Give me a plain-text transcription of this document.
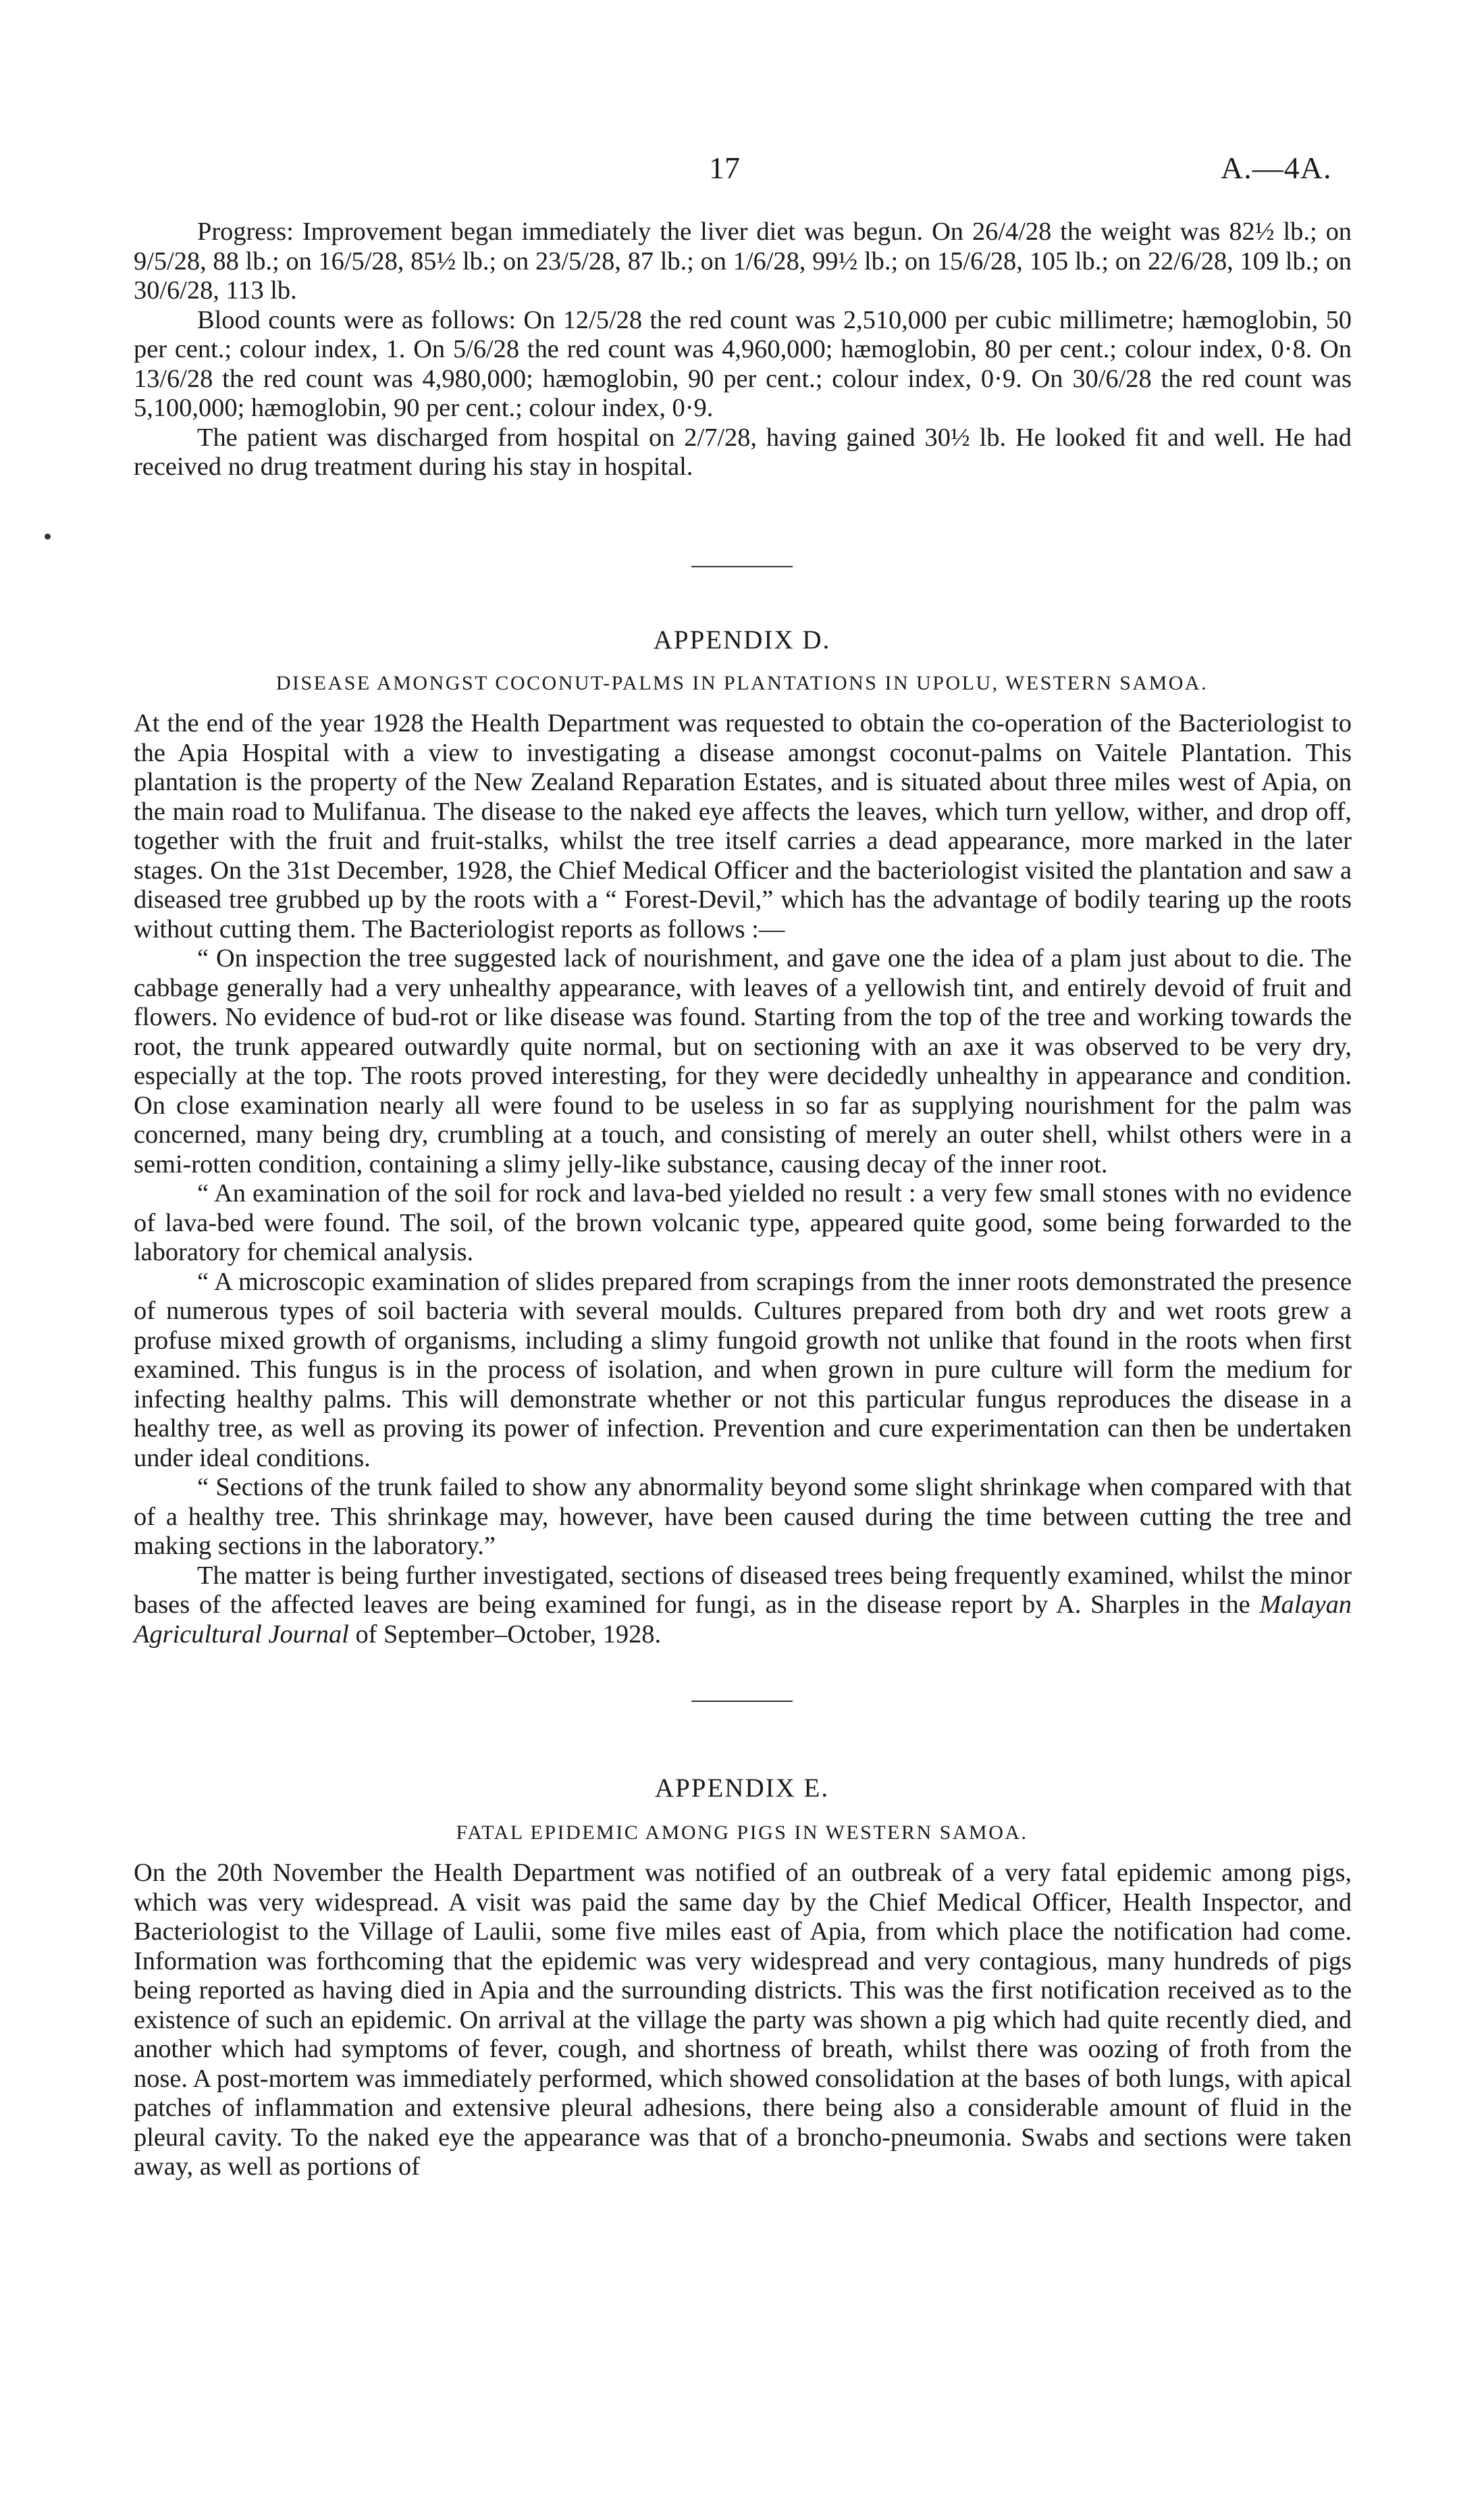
17	A.—4A.

Progress: Improvement began immediately the liver diet was begun. On 26/4/28 the weight was 82½ lb.; on 9/5/28, 88 lb.; on 16/5/28, 85½ lb.; on 23/5/28, 87 lb.; on 1/6/28, 99½ lb.; on 15/6/28, 105 lb.; on 22/6/28, 109 lb.; on 30/6/28, 113 lb.

Blood counts were as follows: On 12/5/28 the red count was 2,510,000 per cubic millimetre; hæmoglobin, 50 per cent.; colour index, 1. On 5/6/28 the red count was 4,960,000; hæmoglobin, 80 per cent.; colour index, 0·8. On 13/6/28 the red count was 4,980,000; hæmoglobin, 90 per cent.; colour index, 0·9. On 30/6/28 the red count was 5,100,000; hæmoglobin, 90 per cent.; colour index, 0·9.

The patient was discharged from hospital on 2/7/28, having gained 30½ lb. He looked fit and well. He had received no drug treatment during his stay in hospital.

APPENDIX D.
DISEASE AMONGST COCONUT-PALMS IN PLANTATIONS IN UPOLU, WESTERN SAMOA.

At the end of the year 1928 the Health Department was requested to obtain the co-operation of the Bacteriologist to the Apia Hospital with a view to investigating a disease amongst coconut-palms on Vaitele Plantation. This plantation is the property of the New Zealand Reparation Estates, and is situated about three miles west of Apia, on the main road to Mulifanua. The disease to the naked eye affects the leaves, which turn yellow, wither, and drop off, together with the fruit and fruit-stalks, whilst the tree itself carries a dead appearance, more marked in the later stages. On the 31st December, 1928, the Chief Medical Officer and the bacteriologist visited the plantation and saw a diseased tree grubbed up by the roots with a “ Forest-Devil,” which has the advantage of bodily tearing up the roots without cutting them. The Bacteriologist reports as follows :—

“ On inspection the tree suggested lack of nourishment, and gave one the idea of a plam just about to die. The cabbage generally had a very unhealthy appearance, with leaves of a yellowish tint, and entirely devoid of fruit and flowers. No evidence of bud-rot or like disease was found. Starting from the top of the tree and working towards the root, the trunk appeared outwardly quite normal, but on sectioning with an axe it was observed to be very dry, especially at the top. The roots proved interesting, for they were decidedly unhealthy in appearance and condition. On close examination nearly all were found to be useless in so far as supplying nourishment for the palm was concerned, many being dry, crumbling at a touch, and consisting of merely an outer shell, whilst others were in a semi-rotten condition, containing a slimy jelly-like substance, causing decay of the inner root.

“ An examination of the soil for rock and lava-bed yielded no result : a very few small stones with no evidence of lava-bed were found. The soil, of the brown volcanic type, appeared quite good, some being forwarded to the laboratory for chemical analysis.

“ A microscopic examination of slides prepared from scrapings from the inner roots demonstrated the presence of numerous types of soil bacteria with several moulds. Cultures prepared from both dry and wet roots grew a profuse mixed growth of organisms, including a slimy fungoid growth not unlike that found in the roots when first examined. This fungus is in the process of isolation, and when grown in pure culture will form the medium for infecting healthy palms. This will demonstrate whether or not this particular fungus reproduces the disease in a healthy tree, as well as proving its power of infection. Prevention and cure experimentation can then be undertaken under ideal conditions.

“ Sections of the trunk failed to show any abnormality beyond some slight shrinkage when compared with that of a healthy tree. This shrinkage may, however, have been caused during the time between cutting the tree and making sections in the laboratory.”

The matter is being further investigated, sections of diseased trees being frequently examined, whilst the minor bases of the affected leaves are being examined for fungi, as in the disease report by A. Sharples in the Malayan Agricultural Journal of September–October, 1928.

APPENDIX E.
FATAL EPIDEMIC AMONG PIGS IN WESTERN SAMOA.

On the 20th November the Health Department was notified of an outbreak of a very fatal epidemic among pigs, which was very widespread. A visit was paid the same day by the Chief Medical Officer, Health Inspector, and Bacteriologist to the Village of Laulii, some five miles east of Apia, from which place the notification had come. Information was forthcoming that the epidemic was very widespread and very contagious, many hundreds of pigs being reported as having died in Apia and the surrounding districts. This was the first notification received as to the existence of such an epidemic. On arrival at the village the party was shown a pig which had quite recently died, and another which had symptoms of fever, cough, and shortness of breath, whilst there was oozing of froth from the nose. A post-mortem was immediately performed, which showed consolidation at the bases of both lungs, with apical patches of inflammation and extensive pleural adhesions, there being also a considerable amount of fluid in the pleural cavity. To the naked eye the appearance was that of a broncho-pneumonia. Swabs and sections were taken away, as well as portions of
